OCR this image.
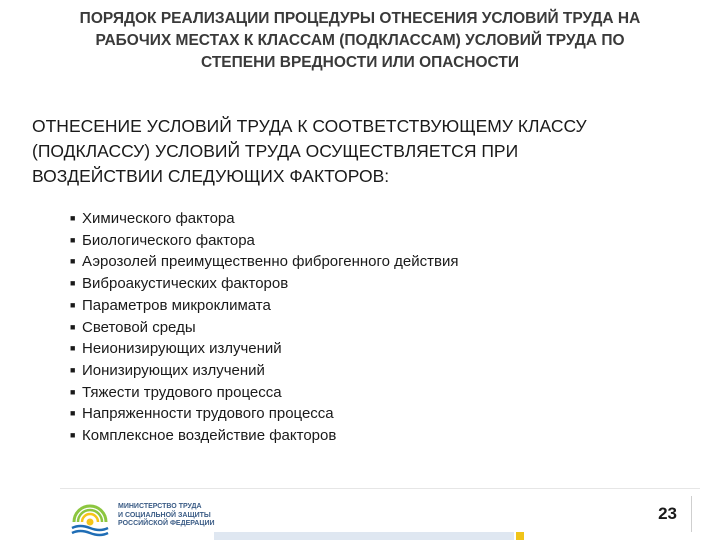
ПОРЯДОК РЕАЛИЗАЦИИ ПРОЦЕДУРЫ ОТНЕСЕНИЯ УСЛОВИЙ ТРУДА НА
РАБОЧИХ МЕСТАХ К КЛАССАМ (ПОДКЛАССАМ) УСЛОВИЙ ТРУДА ПО
СТЕПЕНИ ВРЕДНОСТИ ИЛИ ОПАСНОСТИ
ОТНЕСЕНИЕ УСЛОВИЙ ТРУДА К СООТВЕТСТВУЮЩЕМУ КЛАССУ
(ПОДКЛАССУ) УСЛОВИЙ ТРУДА ОСУЩЕСТВЛЯЕТСЯ ПРИ
ВОЗДЕЙСТВИИ СЛЕДУЮЩИХ ФАКТОРОВ:
■ Химического фактора
■ Биологического фактора
■ Аэрозолей преимущественно фиброгенного действия
■ Виброакустических факторов
■ Параметров микроклимата
■ Световой среды
■ Неионизирующих излучений
■ Ионизирующих излучений
■ Тяжести трудового процесса
■ Напряженности трудового процесса
■ Комплексное воздействие факторов
МИНИСТЕРСТВО ТРУДА
И СОЦИАЛЬНОЙ ЗАЩИТЫ
РОССИЙСКОЙ ФЕДЕРАЦИИ
23
